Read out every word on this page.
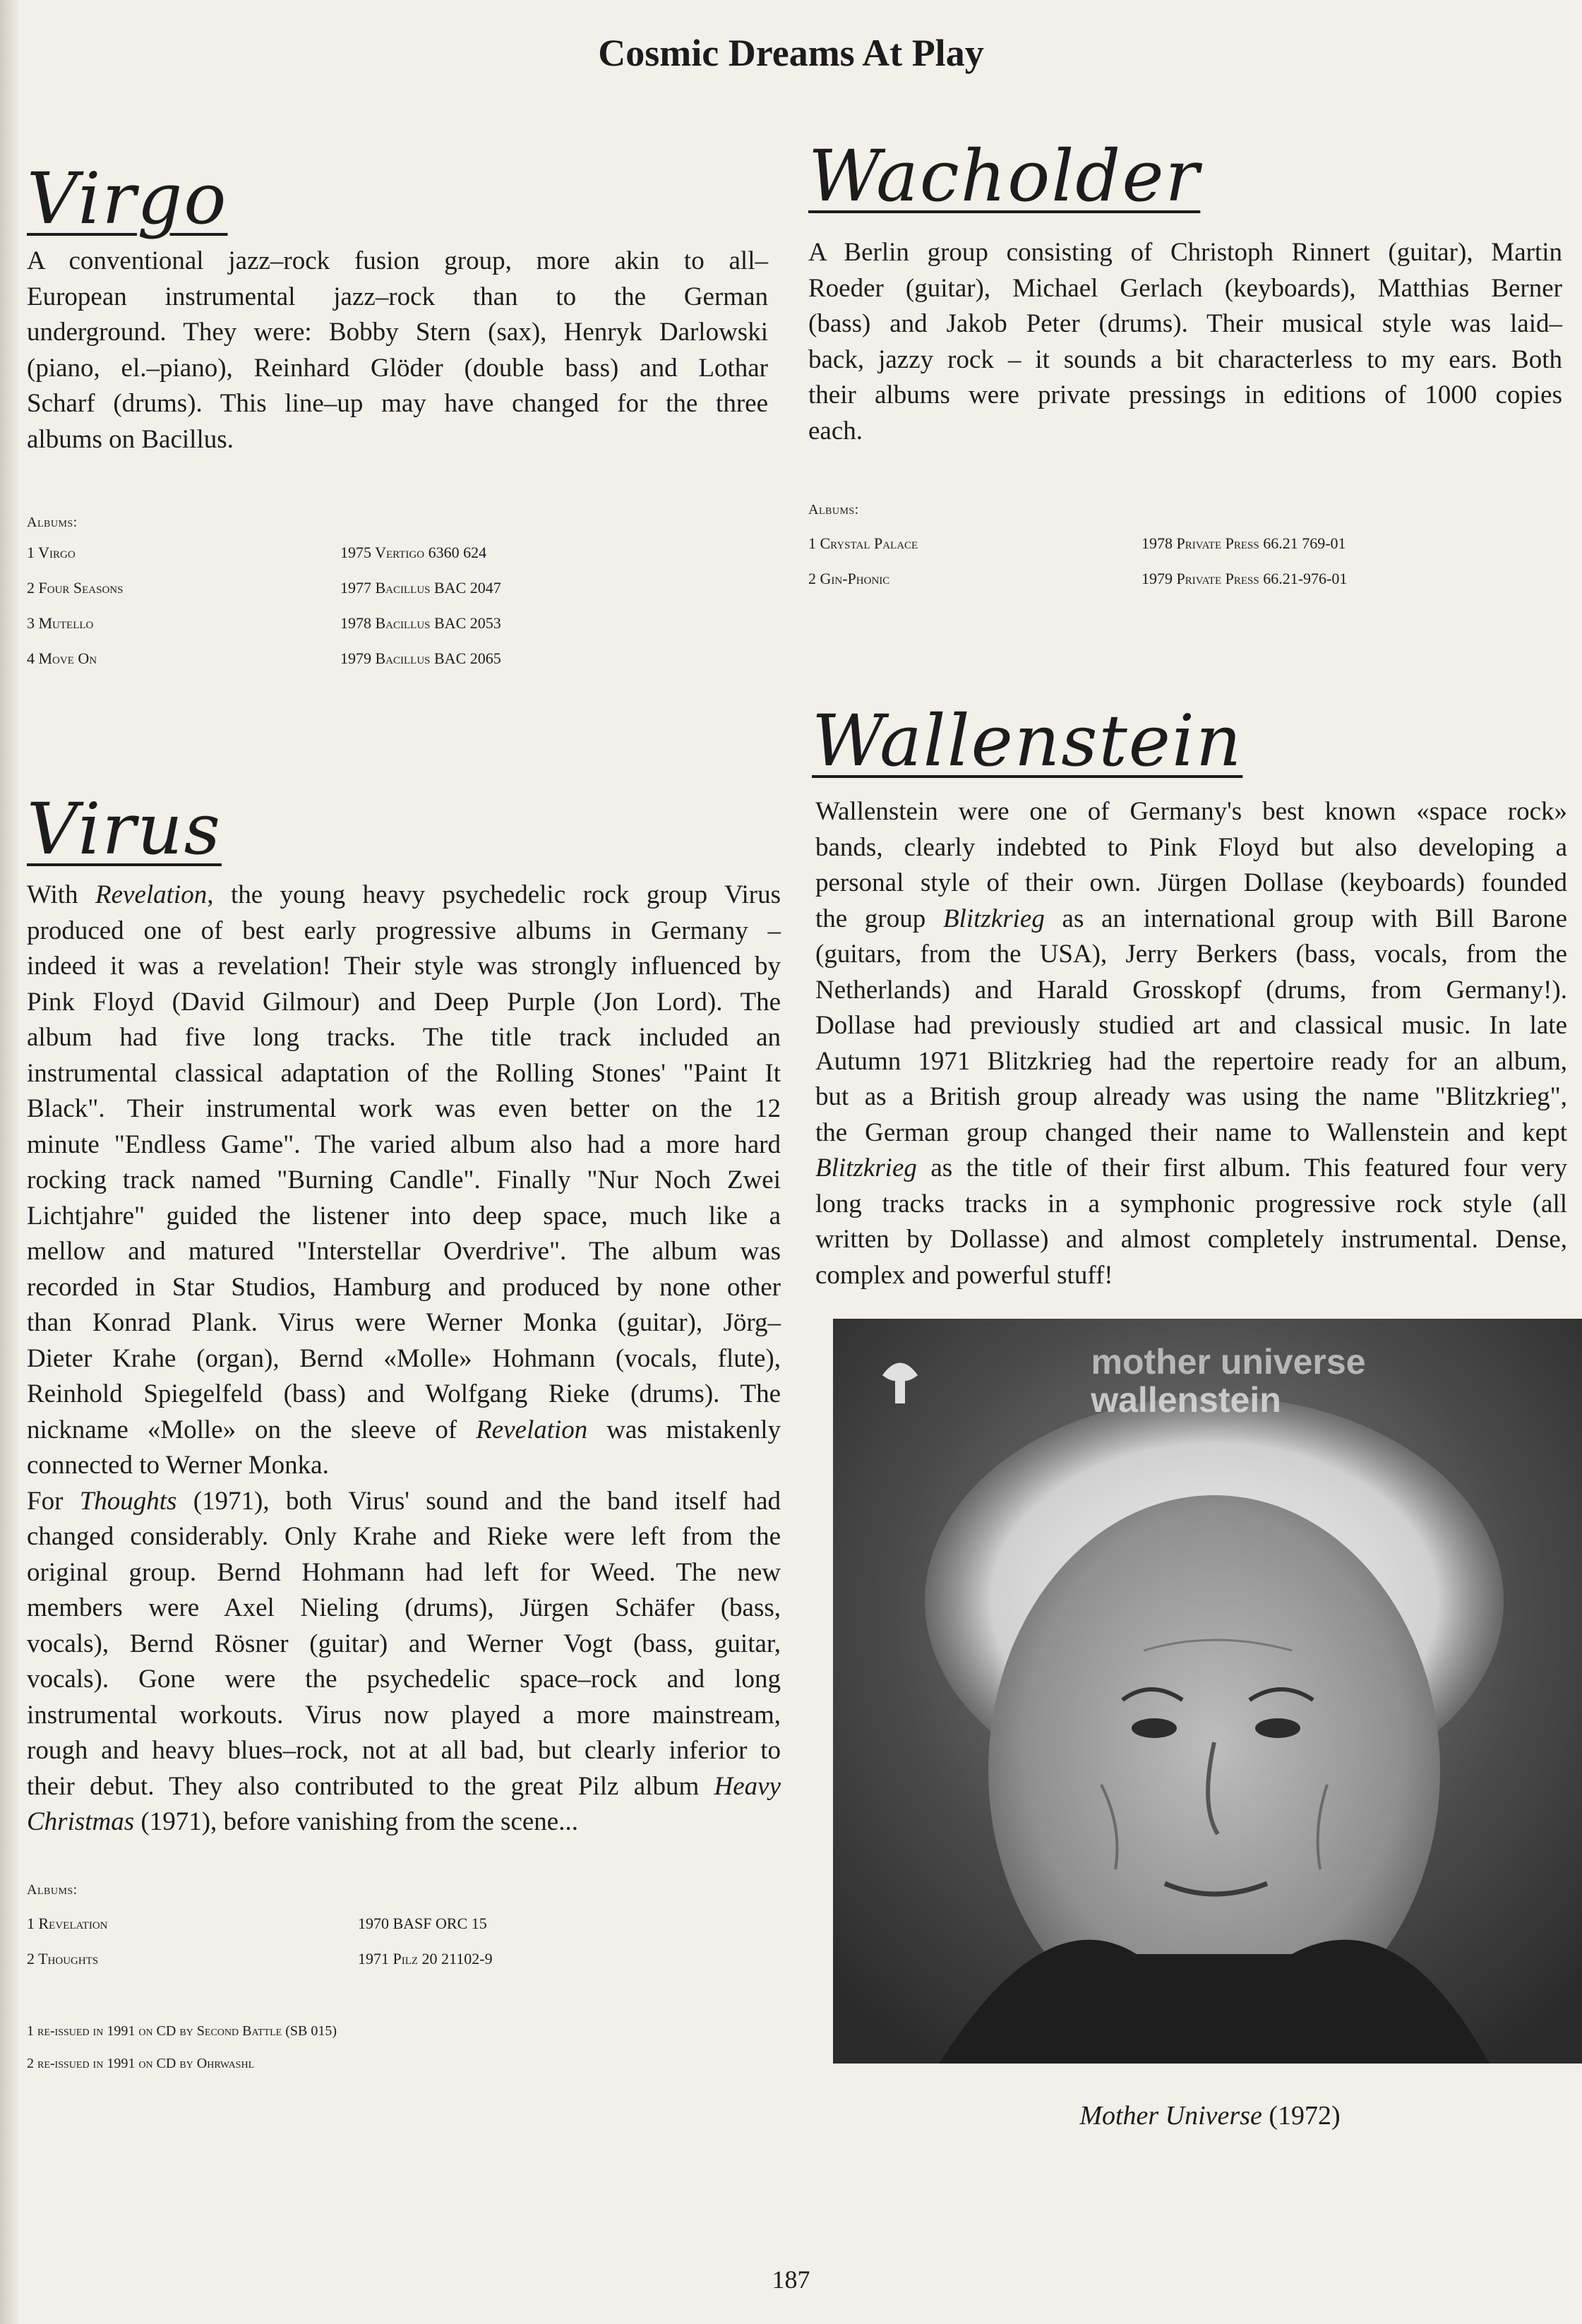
Cosmic Dreams At Play
Virgo
A conventional jazz–rock fusion group, more akin to all–
European instrumental jazz–rock than to the German
underground. They were: Bobby Stern (sax), Henryk Darlowski
(piano, el.–piano), Reinhard Glöder (double bass) and Lothar
Scharf (drums). This line–up may have changed for the three
albums on Bacillus.
Albums:
1 Virgo	1975 Vertigo 6360 624
2 Four Seasons	1977 Bacillus BAC 2047
3 Mutello	1978 Bacillus BAC 2053
4 Move On	1979 Bacillus BAC 2065
Wacholder
A Berlin group consisting of Christoph Rinnert (guitar), Martin
Roeder (guitar), Michael Gerlach (keyboards), Matthias Berner
(bass) and Jakob Peter (drums). Their musical style was laid–
back, jazzy rock – it sounds a bit characterless to my ears. Both
their albums were private pressings in editions of 1000 copies
each.
Albums:
1 Crystal Palace	1978 Private Press 66.21 769-01
2 Gin-Phonic	1979 Private Press 66.21-976-01
Wallenstein
Wallenstein were one of Germany's best known «space rock»
bands, clearly indebted to Pink Floyd but also developing a
personal style of their own. Jürgen Dollase (keyboards) founded
the group Blitzkrieg as an international group with Bill Barone
(guitars, from the USA), Jerry Berkers (bass, vocals, from the
Netherlands) and Harald Grosskopf (drums, from Germany!).
Dollase had previously studied art and classical music. In late
Autumn 1971 Blitzkrieg had the repertoire ready for an album,
but as a British group already was using the name "Blitzkrieg",
the German group changed their name to Wallenstein and kept
Blitzkrieg as the title of their first album. This featured four very
long tracks tracks in a symphonic progressive rock style (all
written by Dollasse) and almost completely instrumental. Dense,
complex and powerful stuff!
mother universe
wallenstein
Mother Universe (1972)
Virus
With Revelation, the young heavy psychedelic rock group Virus
produced one of best early progressive albums in Germany –
indeed it was a revelation! Their style was strongly influenced by
Pink Floyd (David Gilmour) and Deep Purple (Jon Lord). The
album had five long tracks. The title track included an
instrumental classical adaptation of the Rolling Stones' "Paint It
Black". Their instrumental work was even better on the 12
minute "Endless Game". The varied album also had a more hard
rocking track named "Burning Candle". Finally "Nur Noch Zwei
Lichtjahre" guided the listener into deep space, much like a
mellow and matured "Interstellar Overdrive". The album was
recorded in Star Studios, Hamburg and produced by none other
than Konrad Plank. Virus were Werner Monka (guitar), Jörg–
Dieter Krahe (organ), Bernd «Molle» Hohmann (vocals, flute),
Reinhold Spiegelfeld (bass) and Wolfgang Rieke (drums). The
nickname «Molle» on the sleeve of Revelation was mistakenly
connected to Werner Monka.
For Thoughts (1971), both Virus' sound and the band itself had
changed considerably. Only Krahe and Rieke were left from the
original group. Bernd Hohmann had left for Weed. The new
members were Axel Nieling (drums), Jürgen Schäfer (bass,
vocals), Bernd Rösner (guitar) and Werner Vogt (bass, guitar,
vocals). Gone were the psychedelic space–rock and long
instrumental workouts. Virus now played a more mainstream,
rough and heavy blues–rock, not at all bad, but clearly inferior to
their debut. They also contributed to the great Pilz album Heavy
Christmas (1971), before vanishing from the scene...
Albums:
1 Revelation	1970 BASF ORC 15
2 Thoughts	1971 Pilz 20 21102-9
1 re-issued in 1991 on CD by Second Battle (SB 015)
2 re-issued in 1991 on CD by Ohrwashl
187
